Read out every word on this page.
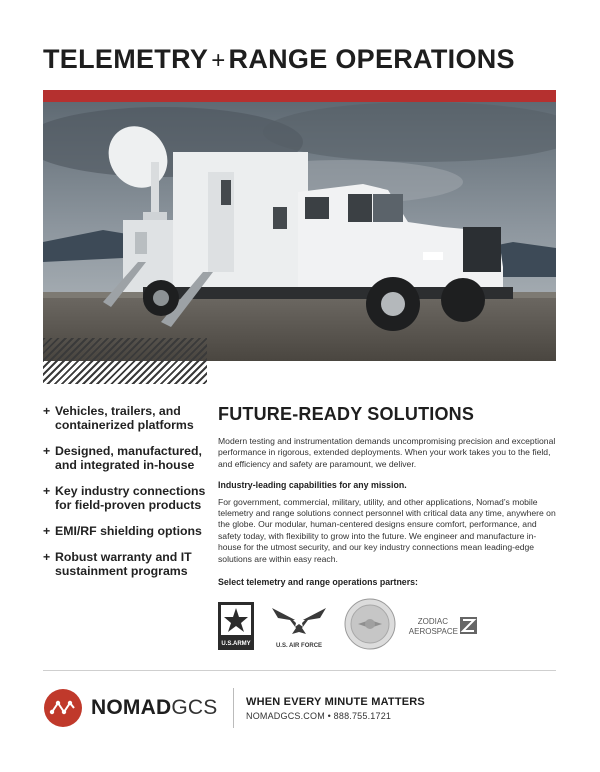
TELEMETRY + RANGE OPERATIONS
+ Vehicles, trailers, and containerized platforms
+ Designed, manufactured, and integrated in-house
+ Key industry connections for field-proven products
+ EMI/RF shielding options
+ Robust warranty and IT sustainment programs
FUTURE-READY SOLUTIONS

Modern testing and instrumentation demands uncompromising precision and exceptional performance in rigorous, extended deployments. When your work takes you to the field, and efficiency and safety are paramount, we deliver.

Industry-leading capabilities for any mission.

For government, commercial, military, utility, and other applications, Nomad’s mobile telemetry and range solutions connect personnel with critical data any time, anywhere on the globe. Our modular, human-centered designs ensure comfort, performance, and safety today, with flexibility to grow into the future. We engineer and manufacture in-house for the utmost security, and our key industry connections mean leading-edge solutions are within easy reach.

Select telemetry and range operations partners:

U.S.ARMY	U.S. AIR FORCE
ZODIAC
AEROSPACE
NOMADGCS	WHEN EVERY MINUTE MATTERS
NOMADGCS.COM • 888.755.1721
